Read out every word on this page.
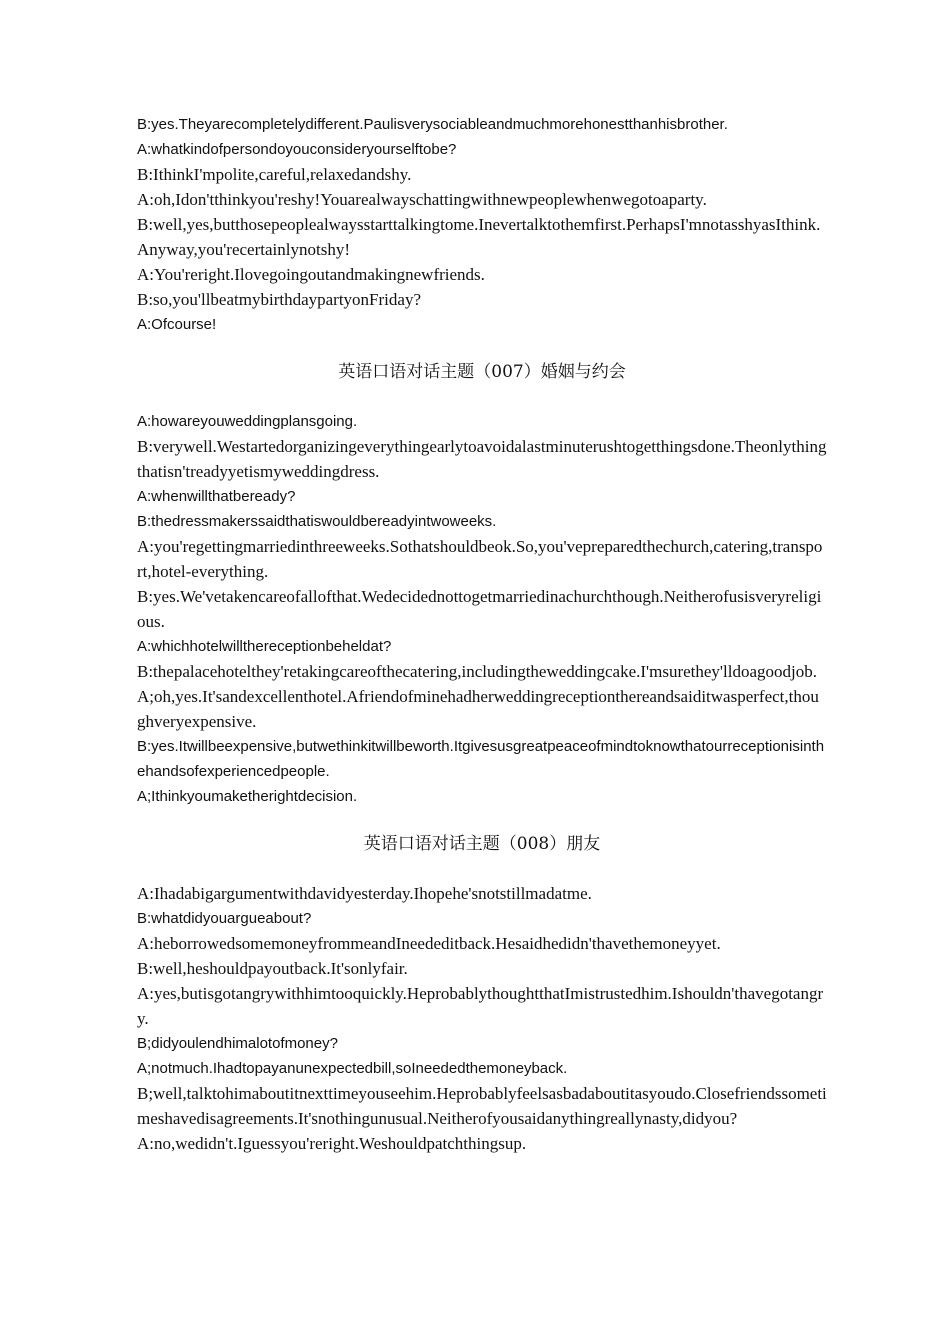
B:yes.Theyarecompletelydifferent.Paulisverysociableandmuchmorehonestthanhisbrother.
A:whatkindofpersondoyouconsideryourselftobe?
B:IthinkI'mpolite,careful,relaxedandshy.
A:oh,Idon'tthinkyou'reshy!Youarealwayschattingwithnewpeoplewhenwegotoaparty.
B:well,yes,butthosepeoplealwaysstarttalkingtome.Inevertalktothemfirst.PerhapsI'mnotasshyasIthink.Anyway,you'recertainlynotshy!
A:You'reright.Ilovegoingoutandmakingnewfriends.
B:so,you'llbeatmybirthdaypartyonFriday?
A:Ofcourse!
英语口语对话主题（007）婚姻与约会
A:howareyouweddingplansgoing.
B:verywell.Westartedorganizingeverythingearlytoavoidalastminuterushtogetthingsdone.Theonlythingthatisn'treadyyetismyweddingdress.
A:whenwillthatbeready?
B:thedressmakerssaidthatiswouldbereadyintwoweeks.
A:you'regettingmarriedinthreeweeks.Sothatshouldbeok.So,you'vepreparedthechurch,catering,transport,hotel-everything.
B:yes.We'vetakencareofallofthat.Wedecidednottogetmarriedinachurchthough.Neitherofusisveryreligious.
A:whichhotelwillthereceptionbeheldat?
B:thepalacehotelthey'retakingcareofthecatering,includingtheweddingcake.I'msurethey'lldoagoodjob.
A;oh,yes.It'sandexcellenthotel.Afriendofminehadherweddingreceptionthereandsaiditwasperfect,thoughveryexpensive.
B:yes.Itwillbeexpensive,butwethinkitwillbeworth.Itgivesusgreatpeaceofmindtoknowthatourreceptionisinthehandsofexperiencedpeople.
A;Ithinkyoumaketherightdecision.
英语口语对话主题（008）朋友
A:Ihadabigargumentwithdavidyesterday.Ihopehe'snotstillmadatme.
B:whatdidyouargueabout?
A:heborrowedsomemoneyfrommeandIneededitback.Hesaidhedidn'thavethemoneyyet.
B:well,heshouldpayoutback.It'sonlyfair.
A:yes,butisgotangrywithhimtooquickly.HeprobablythoughtthatImistrustedhim.Ishouldn'thavegotangry.
B;didyoulendhimalotofmoney?
A;notmuch.Ihadtopayanunexpectedbill,soIneededthemoneyback.
B;well,talktohimaboutitnexttimeyouseehim.Heprobablyfeelsasbadaboutitasyoudo.Closefriendssometimeshavedisagreements.It'snothingunusual.Neitherofyousaidanythingreallynasty,didyou?
A:no,wedidn't.Iguessyou'reright.Weshouldpatchthingsup.
